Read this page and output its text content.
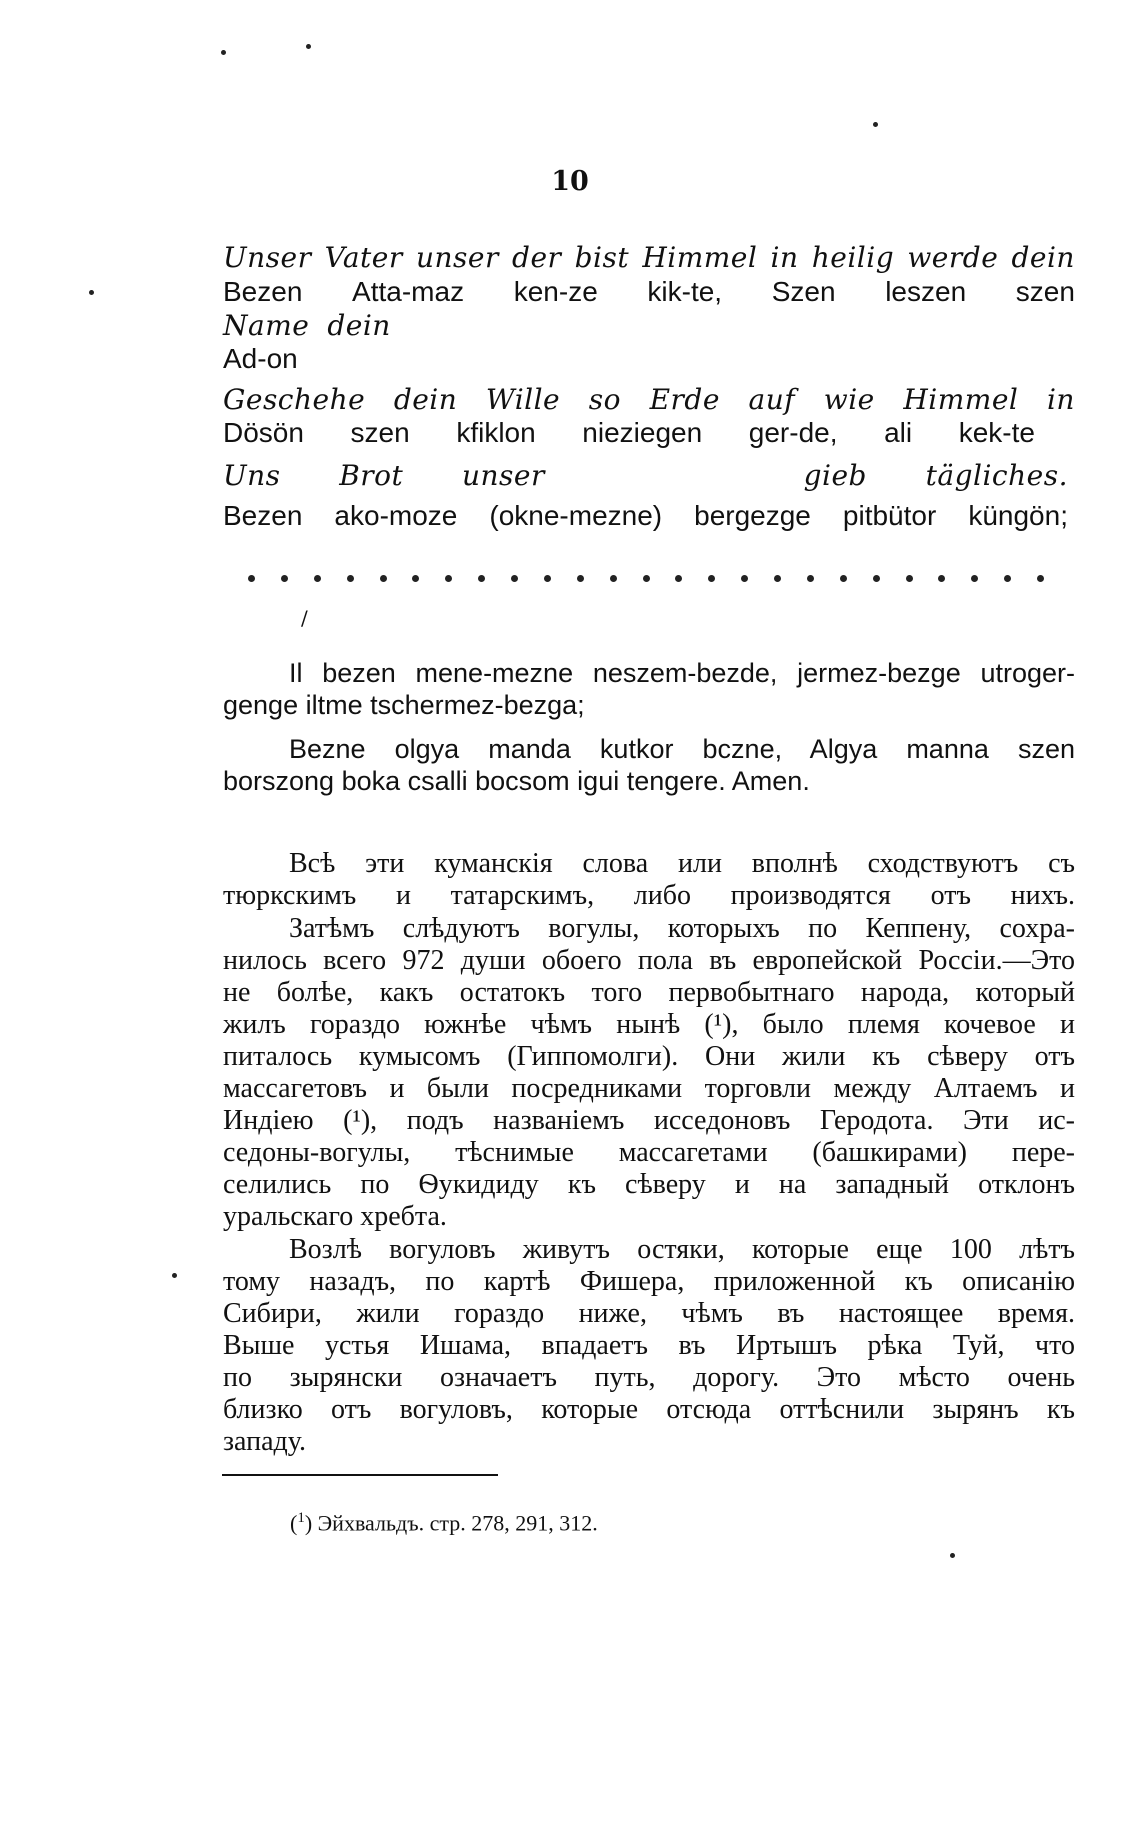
10
Unser Vater unser der bist Himmel in heilig werde dein
Bezen Atta-maz ken-ze kik-te, Szen leszen szen
Name dein
Ad-on
Geschehe dein Wille so Erde auf wie Himmel in
Dösön szen kfiklon nieziegen ger-de, ali kek-te
Uns Brot unser	gieb tägliches.
Bezen ako-moze (okne-mezne) bergezge pitbütor küngön;
/
Il bezen mene-mezne neszem-bezde, jermez-bezge utroger-
genge iltme tschermez-bezga;
Bezne olgya manda kutkor bczne, Algya manna szen
borszong boka csalli bocsom igui tengere. Amen.
Всѣ эти куманскія слова или вполнѣ сходствуютъ съ
тюркскимъ и татарскимъ, либо производятся отъ нихъ.
Затѣмъ слѣдуютъ вогулы, которыхъ по Кеппену, сохра-
нилось всего 972 души обоего пола въ европейской Россіи.—Это
не болѣе, какъ остатокъ того первобытнаго народа, который
жилъ гораздо южнѣе чѣмъ нынѣ (¹), было племя кочевое и
питалось кумысомъ (Гиппомолги). Они жили къ сѣверу отъ
массагетовъ и были посредниками торговли между Алтаемъ и
Индіею (¹), подъ названіемъ исседоновъ Геродота. Эти ис-
седоны-вогулы, тѣснимые массагетами (башкирами) пере-
селились по Ѳукидиду къ сѣверу и на западный отклонъ
уральскаго хребта.
Возлѣ вогуловъ живутъ остяки, которые еще 100 лѣтъ
тому назадъ, по картѣ Фишера, приложенной къ описанію
Сибири, жили гораздо ниже, чѣмъ въ настоящее время.
Выше устья Ишама, впадаетъ въ Иртышъ рѣка Туй, что
по зырянски означаетъ путь, дорогу. Это мѣсто очень
близко отъ вогуловъ, которые отсюда оттѣснили зырянъ къ
западу.
($^1$) Эйхвальдъ. стр. 278, 291, 312.
